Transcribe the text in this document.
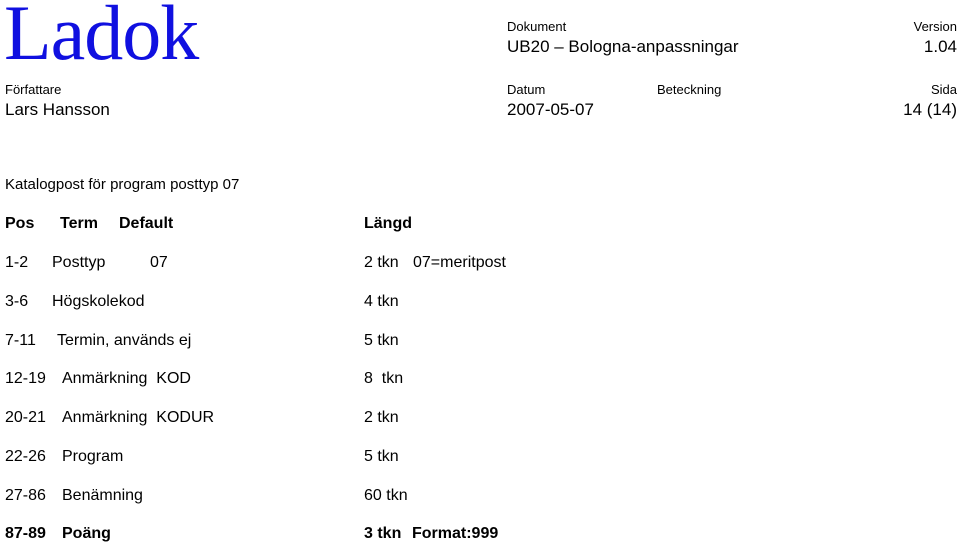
Ladok	Dokument
UB20 – Bologna-anpassningar
Version
1.04
Författare
Lars Hansson
Datum
2007-05-07
Beteckning	Sida
14 (14)
Katalogpost för program posttyp 07
Pos Term Default	Längd
1-2 Posttyp	07	2 tkn 07=meritpost
3-6 Högskolekod	4 tkn
7-11 Termin, används ej	5 tkn
12-19 Anmärkning  KOD	8  tkn
20-21 Anmärkning  KODUR	2 tkn
22-26 Program	5 tkn
27-86 Benämning	60 tkn
87-89 Poäng	3 tkn Format:999
